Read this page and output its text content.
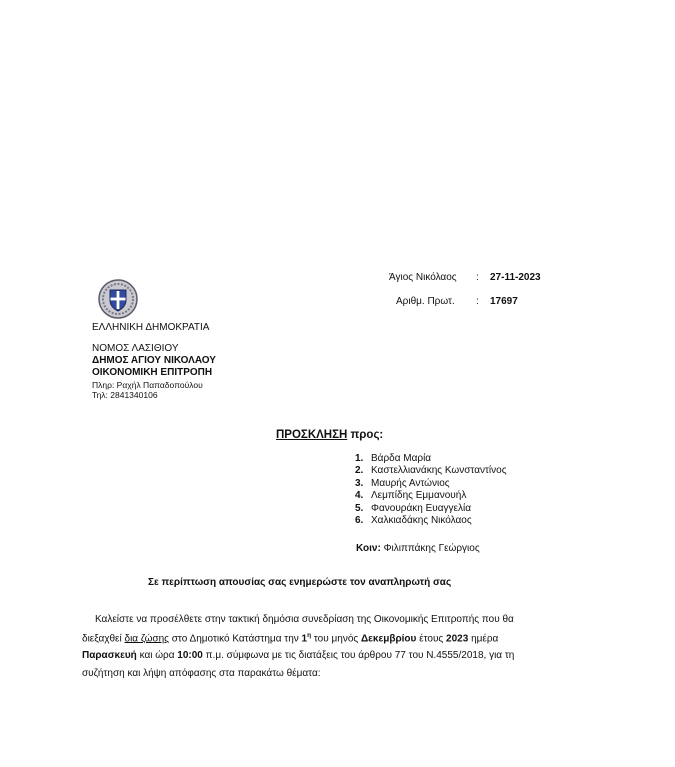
Άγιος Νικόλαος : 27-11-2023
Αριθμ. Πρωτ. : 17697
ΕΛΛΗΝΙΚΗ ΔΗΜΟΚΡΑΤΙΑ
ΝΟΜΟΣ ΛΑΣΙΘΙΟΥ
ΔΗΜΟΣ ΑΓΙΟΥ ΝΙΚΟΛΑΟΥ
ΟΙΚΟΝΟΜΙΚΗ ΕΠΙΤΡΟΠΗ
Πληρ: Ραχήλ Παπαδοπούλου
Τηλ: 2841340106
ΠΡΟΣΚΛΗΣΗ προς:
1. Βάρδα Μαρία
2. Καστελλιανάκης Κωνσταντίνος
3. Μαυρής Αντώνιος
4. Λεμπίδης Εμμανουήλ
5. Φανουράκη Ευαγγελία
6. Χαλκιαδάκης Νικόλαος
Κοιν: Φιλιππάκης Γεώργιος
Σε περίπτωση απουσίας σας ενημερώστε τον αναπληρωτή σας
Καλείστε να προσέλθετε στην τακτική δημόσια συνεδρίαση της Οικονομικής Επιτροπής που θα
διεξαχθεί δια ζώσης στο Δημοτικό Κατάστημα την $1^\eta$ του μηνός Δεκεμβρίου έτους 2023 ημέρα
Παρασκευή και ώρα 10:00 π.μ. σύμφωνα με τις διατάξεις του άρθρου 77 του Ν.4555/2018, για τη
συζήτηση και λήψη απόφασης στα παρακάτω θέματα:
